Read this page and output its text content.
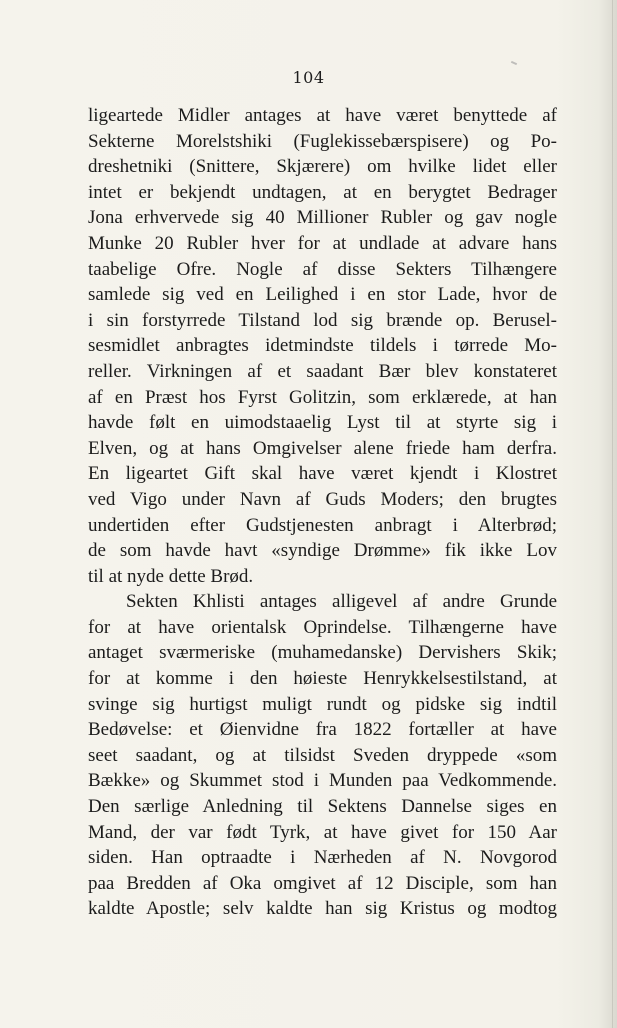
104
ligeartede Midler antages at have været benyttede af
Sekterne Morelstshiki (Fuglekissebærspisere) og Po-
dreshetniki (Snittere, Skjærere) om hvilke lidet eller
intet er bekjendt undtagen, at en berygtet Bedrager
Jona erhvervede sig 40 Millioner Rubler og gav nogle
Munke 20 Rubler hver for at undlade at advare hans
taabelige Ofre. Nogle af disse Sekters Tilhængere
samlede sig ved en Leilighed i en stor Lade, hvor de
i sin forstyrrede Tilstand lod sig brænde op. Berusel-
sesmidlet anbragtes idetmindste tildels i tørrede Mo-
reller. Virkningen af et saadant Bær blev konstateret
af en Præst hos Fyrst Golitzin, som erklærede, at han
havde følt en uimodstaaelig Lyst til at styrte sig i
Elven, og at hans Omgivelser alene friede ham derfra.
En ligeartet Gift skal have været kjendt i Klostret
ved Vigo under Navn af Guds Moders; den brugtes
undertiden efter Gudstjenesten anbragt i Alterbrød;
de som havde havt «syndige Drømme» fik ikke Lov
til at nyde dette Brød.
Sekten Khlisti antages alligevel af andre Grunde
for at have orientalsk Oprindelse. Tilhængerne have
antaget sværmeriske (muhamedanske) Dervishers Skik;
for at komme i den høieste Henrykkelsestilstand, at
svinge sig hurtigst muligt rundt og pidske sig indtil
Bedøvelse: et Øienvidne fra 1822 fortæller at have
seet saadant, og at tilsidst Sveden dryppede «som
Bække» og Skummet stod i Munden paa Vedkommende.
Den særlige Anledning til Sektens Dannelse siges en
Mand, der var født Tyrk, at have givet for 150 Aar
siden. Han optraadte i Nærheden af N. Novgorod
paa Bredden af Oka omgivet af 12 Disciple, som han
kaldte Apostle; selv kaldte han sig Kristus og modtog
